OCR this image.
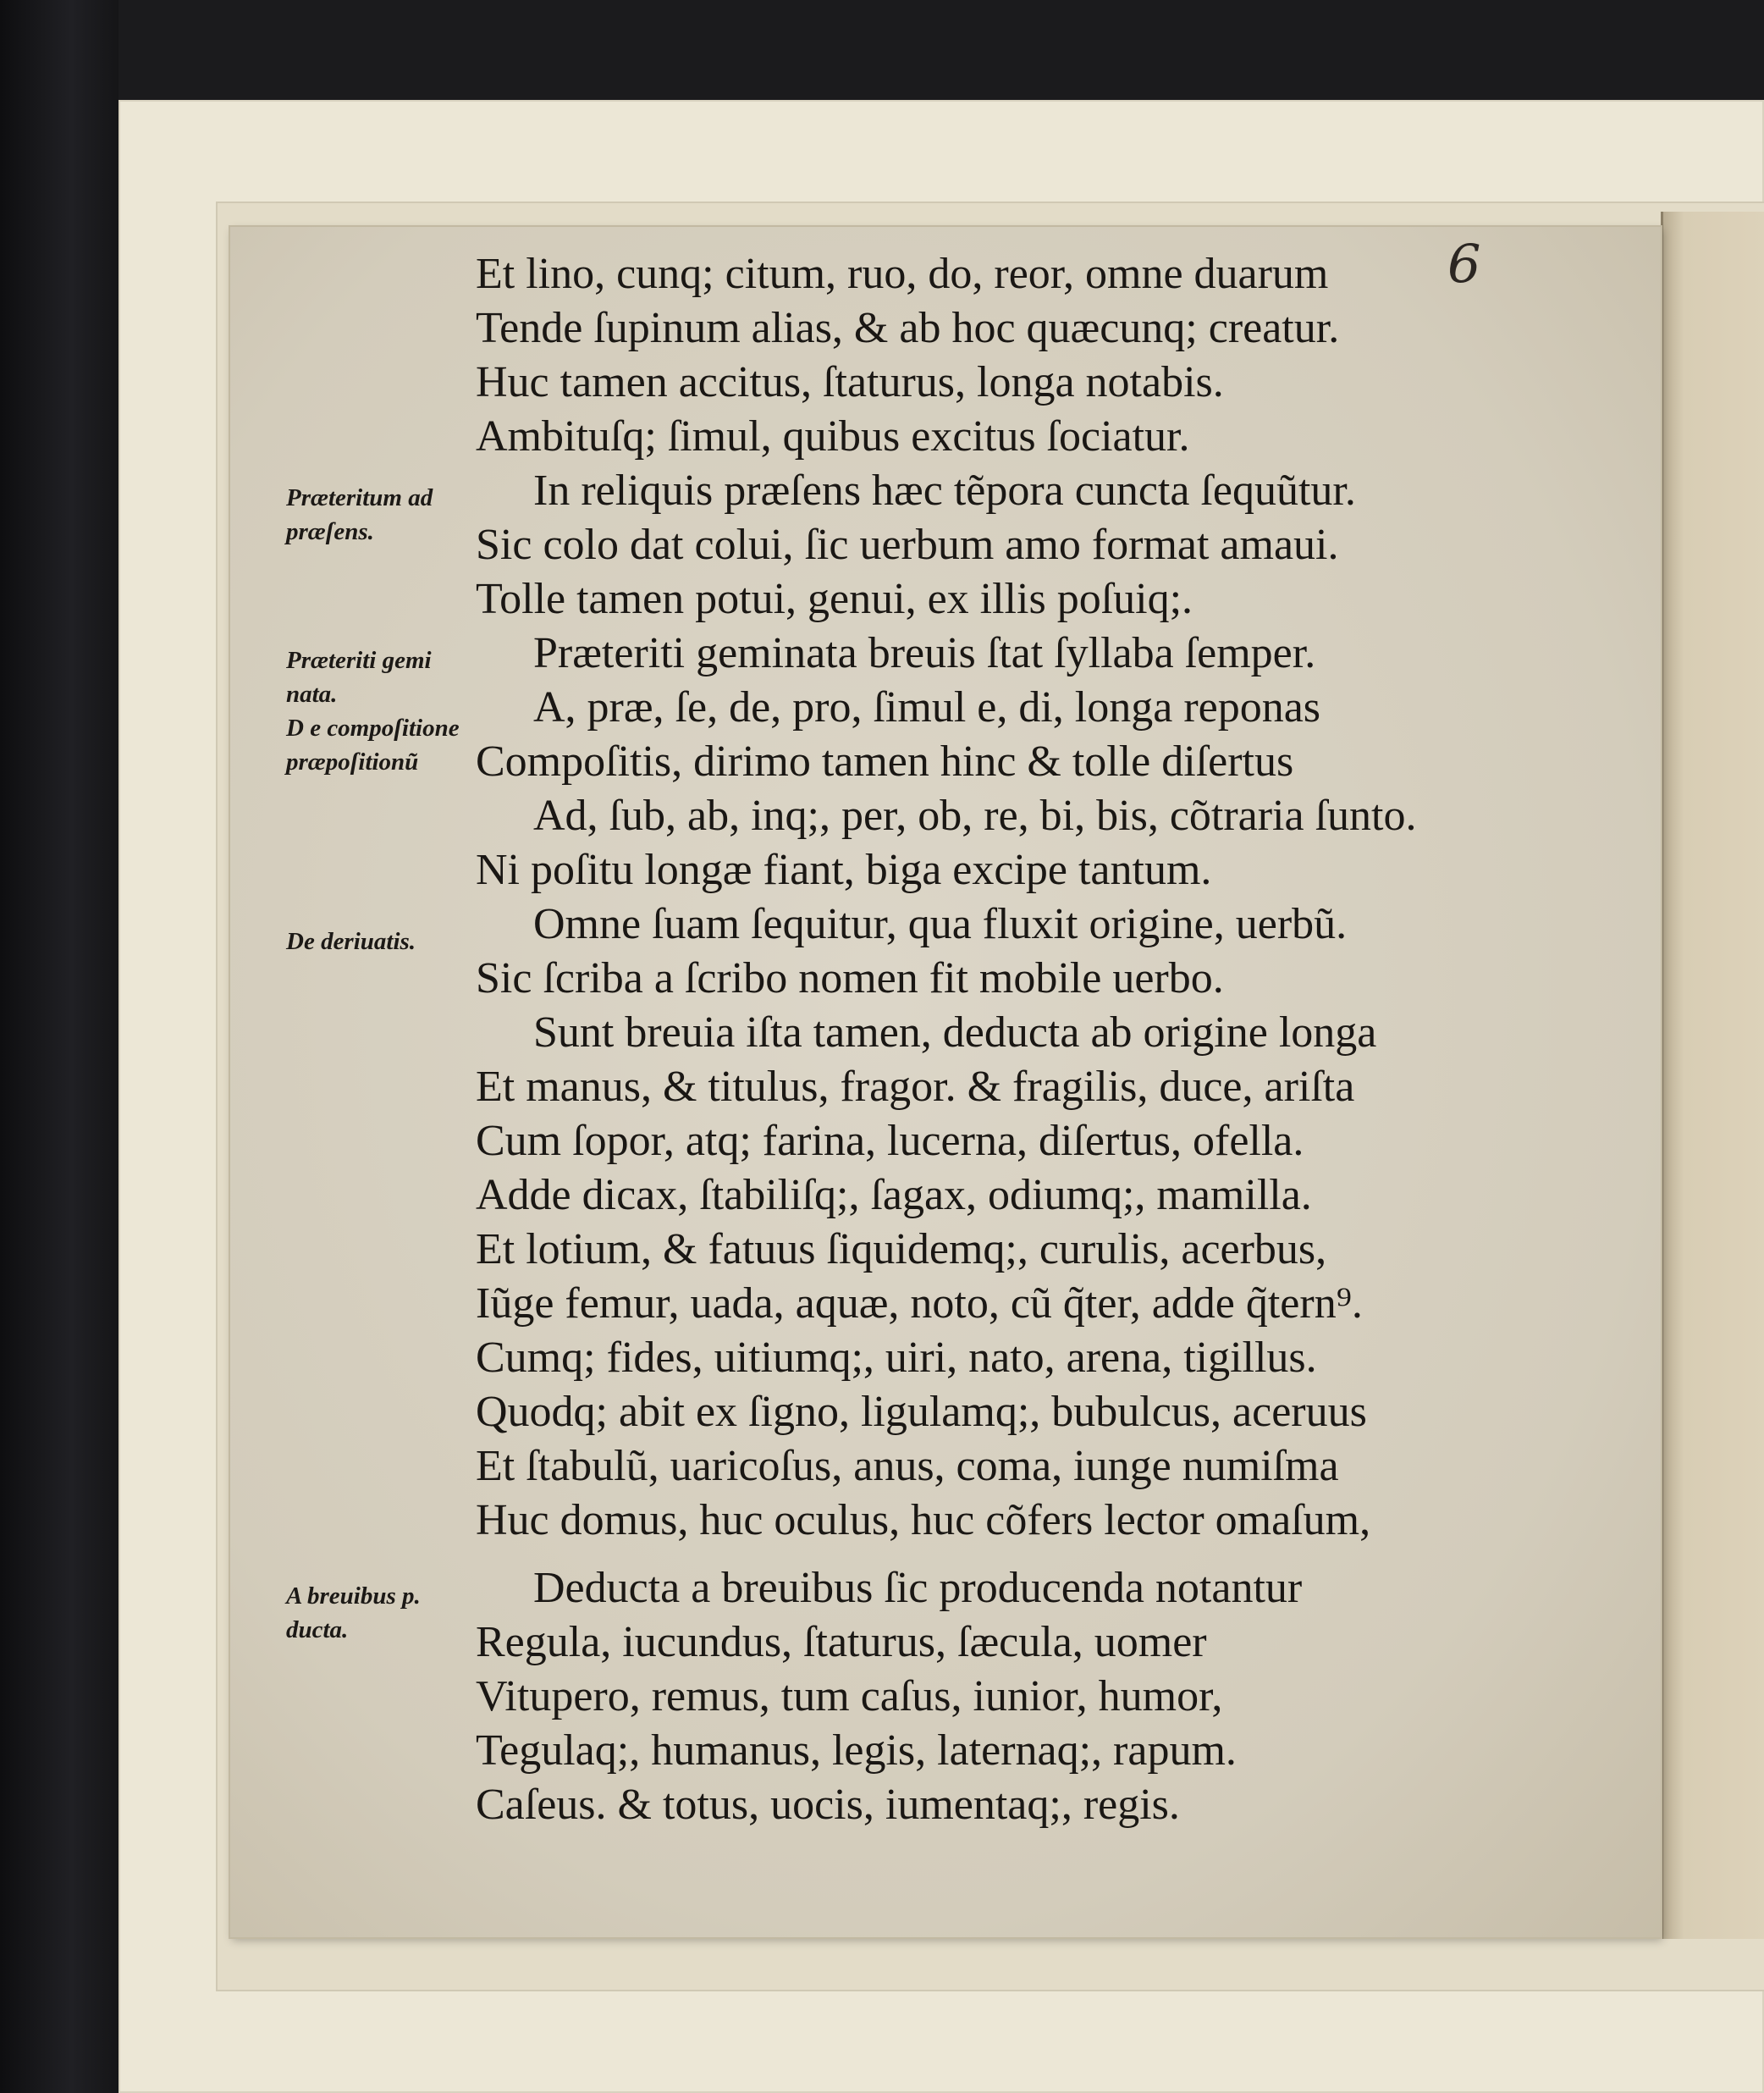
6

Præteritum ad præſens.

Præteriti gemi nata.

D e compoſitione præpoſitionũ

De deriuatis.

A breuibus p. ducta.

Et lino, cunq; citum, ruo, do, reor, omne duarum

Tende ſupinum alias, & ab hoc quæcunq; creatur.

Huc tamen accitus, ſtaturus, longa notabis.

Ambituſq; ſimul, quibus excitus ſociatur.

In reliquis præſens hæc tẽpora cuncta ſequũtur.

Sic colo dat colui, ſic uerbum amo format amaui.

Tolle tamen potui, genui, ex illis poſuiq;.

Præteriti geminata breuis ſtat ſyllaba ſemper.

A, præ, ſe, de, pro, ſimul e, di, longa reponas

Compoſitis, dirimo tamen hinc & tolle diſertus

Ad, ſub, ab, inq;, per, ob, re, bi, bis, cõtraria ſunto.

Ni poſitu longæ fiant, biga excipe tantum.

Omne ſuam ſequitur, qua fluxit origine, uerbũ.

Sic ſcriba a ſcribo nomen fit mobile uerbo.

Sunt breuia iſta tamen, deducta ab origine longa

Et manus, & titulus, fragor. & fragilis, duce, ariſta

Cum ſopor, atq; farina, lucerna, diſertus, ofella.

Adde dicax, ſtabiliſq;, ſagax, odiumq;, mamilla.

Et lotium, & fatuus ſiquidemq;, curulis, acerbus,

Iũge femur, uada, aquæ, noto, cũ q̃ter, adde q̃tern⁹.

Cumq; fides, uitiumq;, uiri, nato, arena, tigillus.

Quodq; abit ex ſigno, ligulamq;, bubulcus, aceruus

Et ſtabulũ, uaricoſus, anus, coma, iunge numiſma

Huc domus, huc oculus, huc cõfers lector omaſum,

Deducta a breuibus ſic producenda notantur

Regula, iucundus, ſtaturus, ſæcula, uomer

Vitupero, remus, tum caſus, iunior, humor,

Tegulaq;, humanus, legis, laternaq;, rapum.

Caſeus. & totus, uocis, iumentaq;, regis.
